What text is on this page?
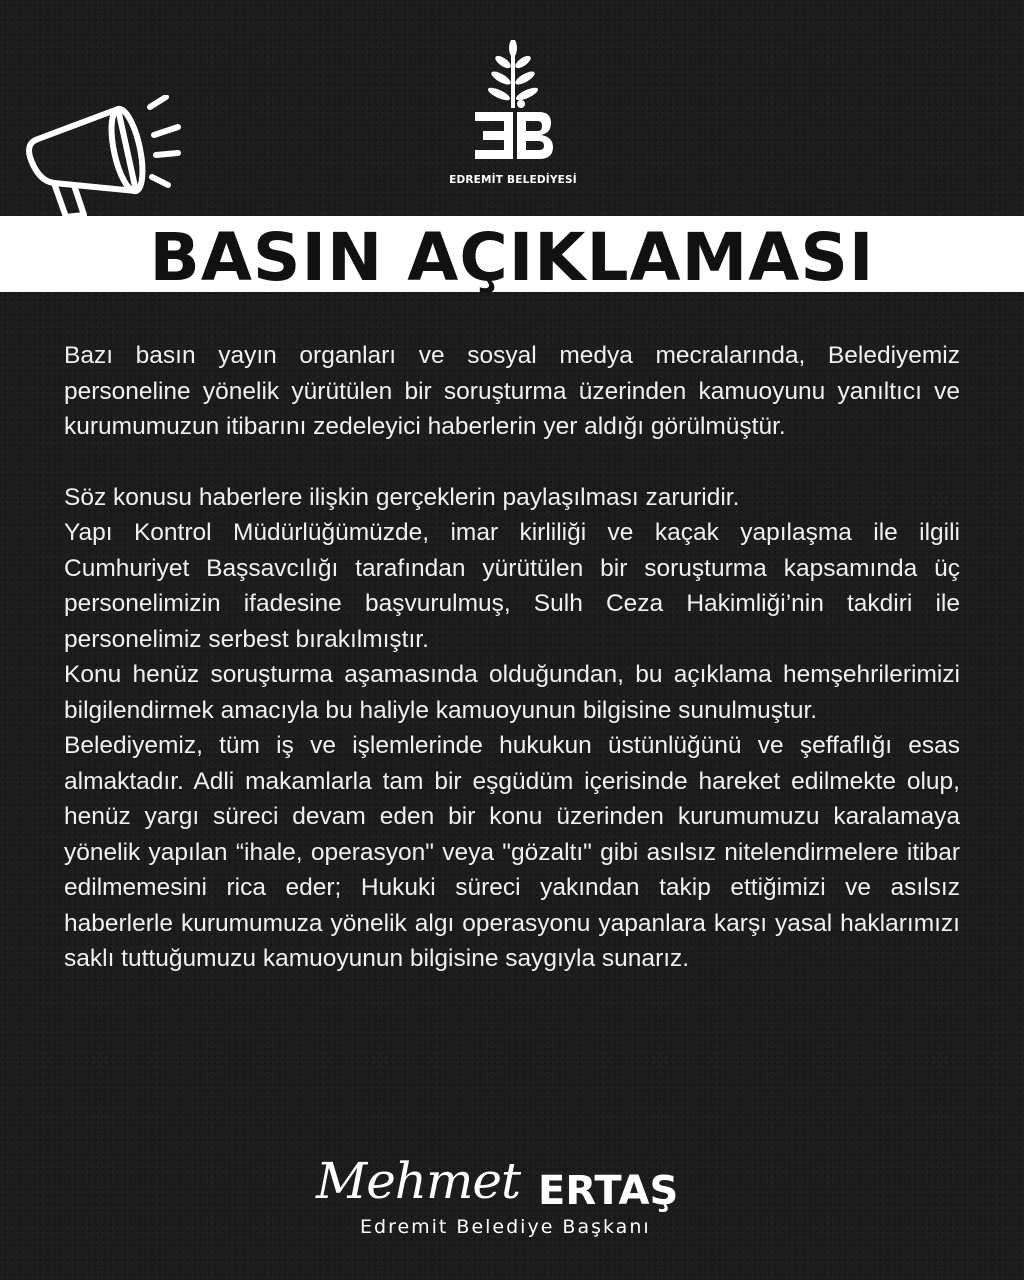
EDREMİT BELEDİYESİ
BASIN AÇIKLAMASI

Bazı basın yayın organları ve sosyal medya mecralarında, Belediyemiz personeline yönelik yürütülen bir soruşturma üzerinden kamuoyunu yanıltıcı ve kurumumuzun itibarını zedeleyici haberlerin yer aldığı görülmüştür.

Söz konusu haberlere ilişkin gerçeklerin paylaşılması zaruridir.

Yapı Kontrol Müdürlüğümüzde, imar kirliliği ve kaçak yapılaşma ile ilgili Cumhuriyet Başsavcılığı tarafından yürütülen bir soruşturma kapsamında üç personelimizin ifadesine başvurulmuş, Sulh Ceza Hakimliği’nin takdiri ile personelimiz serbest bırakılmıştır.

Konu henüz soruşturma aşamasında olduğundan, bu açıklama hemşehrilerimizi bilgilendirmek amacıyla bu haliyle kamuoyunun bilgisine sunulmuştur.

Belediyemiz, tüm iş ve işlemlerinde hukukun üstünlüğünü ve şeffaflığı esas almaktadır. Adli makamlarla tam bir eşgüdüm içerisinde hareket edilmekte olup, henüz yargı süreci devam eden bir konu üzerinden kurumumuzu karalamaya yönelik yapılan “ihale, operasyon" veya "gözaltı" gibi asılsız nitelendirmelere itibar edilmemesini rica eder; Hukuki süreci yakından takip ettiğimizi ve asılsız haberlerle kurumumuza yönelik algı operasyonu yapanlara karşı yasal haklarımızı saklı tuttuğumuzu kamuoyunun bilgisine saygıyla sunarız.

Mehmet ERTAŞ
Edremit Belediye Başkanı
